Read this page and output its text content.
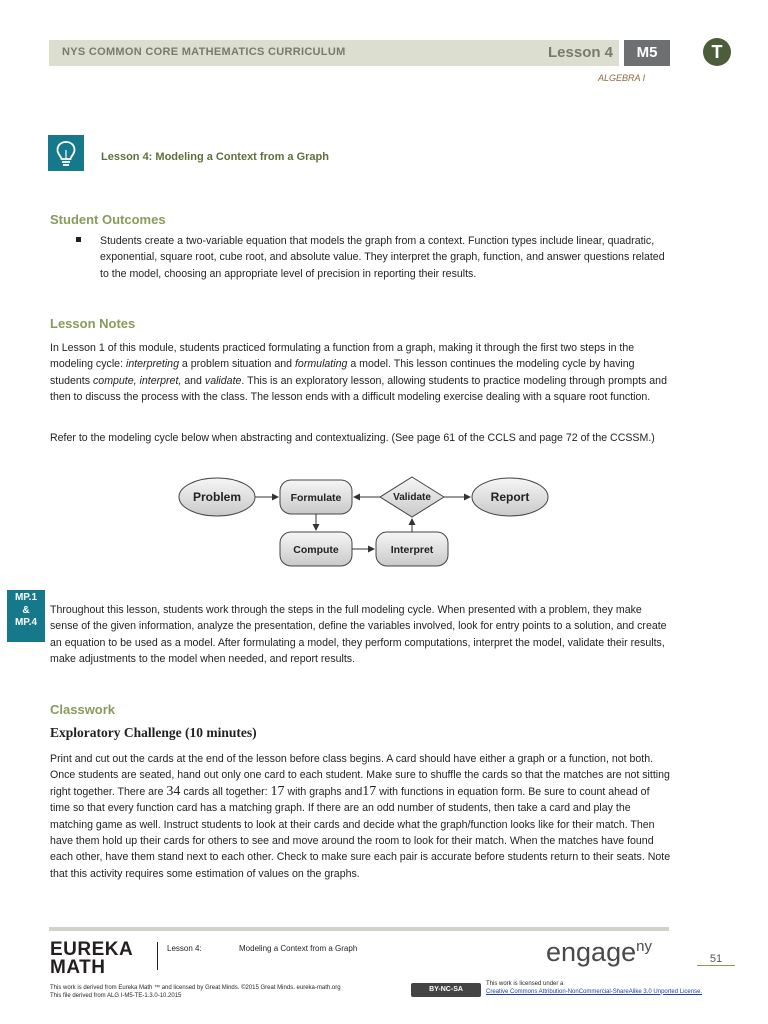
NYS COMMON CORE MATHEMATICS CURRICULUM	Lesson 4	M5
ALGEBRA I
T
Lesson 4: Modeling a Context from a Graph
Student Outcomes
Students create a two-variable equation that models the graph from a context. Function types include linear, quadratic, exponential, square root, cube root, and absolute value. They interpret the graph, function, and answer questions related to the model, choosing an appropriate level of precision in reporting their results.
Lesson Notes
In Lesson 1 of this module, students practiced formulating a function from a graph, making it through the first two steps in the modeling cycle: interpreting a problem situation and formulating a model. This lesson continues the modeling cycle by having students compute, interpret, and validate. This is an exploratory lesson, allowing students to practice modeling through prompts and then to discuss the process with the class. The lesson ends with a difficult modeling exercise dealing with a square root function.
Refer to the modeling cycle below when abstracting and contextualizing. (See page 61 of the CCLS and page 72 of the CCSSM.)
Problem	Formulate	Validate	Report
Compute	Interpret
MP.1
&
MP.4
Throughout this lesson, students work through the steps in the full modeling cycle. When presented with a problem, they make sense of the given information, analyze the presentation, define the variables involved, look for entry points to a solution, and create an equation to be used as a model. After formulating a model, they perform computations, interpret the model, validate their results, make adjustments to the model when needed, and report results.
Classwork
Exploratory Challenge (10 minutes)
Print and cut out the cards at the end of the lesson before class begins. A card should have either a graph or a function, not both. Once students are seated, hand out only one card to each student. Make sure to shuffle the cards so that the matches are not sitting right together. There are 34 cards all together: 17 with graphs and17 with functions in equation form. Be sure to count ahead of time so that every function card has a matching graph. If there are an odd number of students, then take a card and play the matching game as well. Instruct students to look at their cards and decide what the graph/function looks like for their match. Then have them hold up their cards for others to see and move around the room to look for their match. When the matches have found each other, have them stand next to each other. Check to make sure each pair is accurate before students return to their seats. Note that this activity requires some estimation of values on the graphs.
EUREKA
MATH
Lesson 4:	Modeling a Context from a Graph	engage$^{ny}$
51
This work is derived from Eureka Math ™ and licensed by Great Minds. ©2015 Great Minds. eureka-math.org
This file derived from ALG I-M5-TE-1.3.0-10.2015
BY-NC-SA
This work is licensed under a
Creative Commons Attribution-NonCommercial-ShareAlike 3.0 Unported License.
